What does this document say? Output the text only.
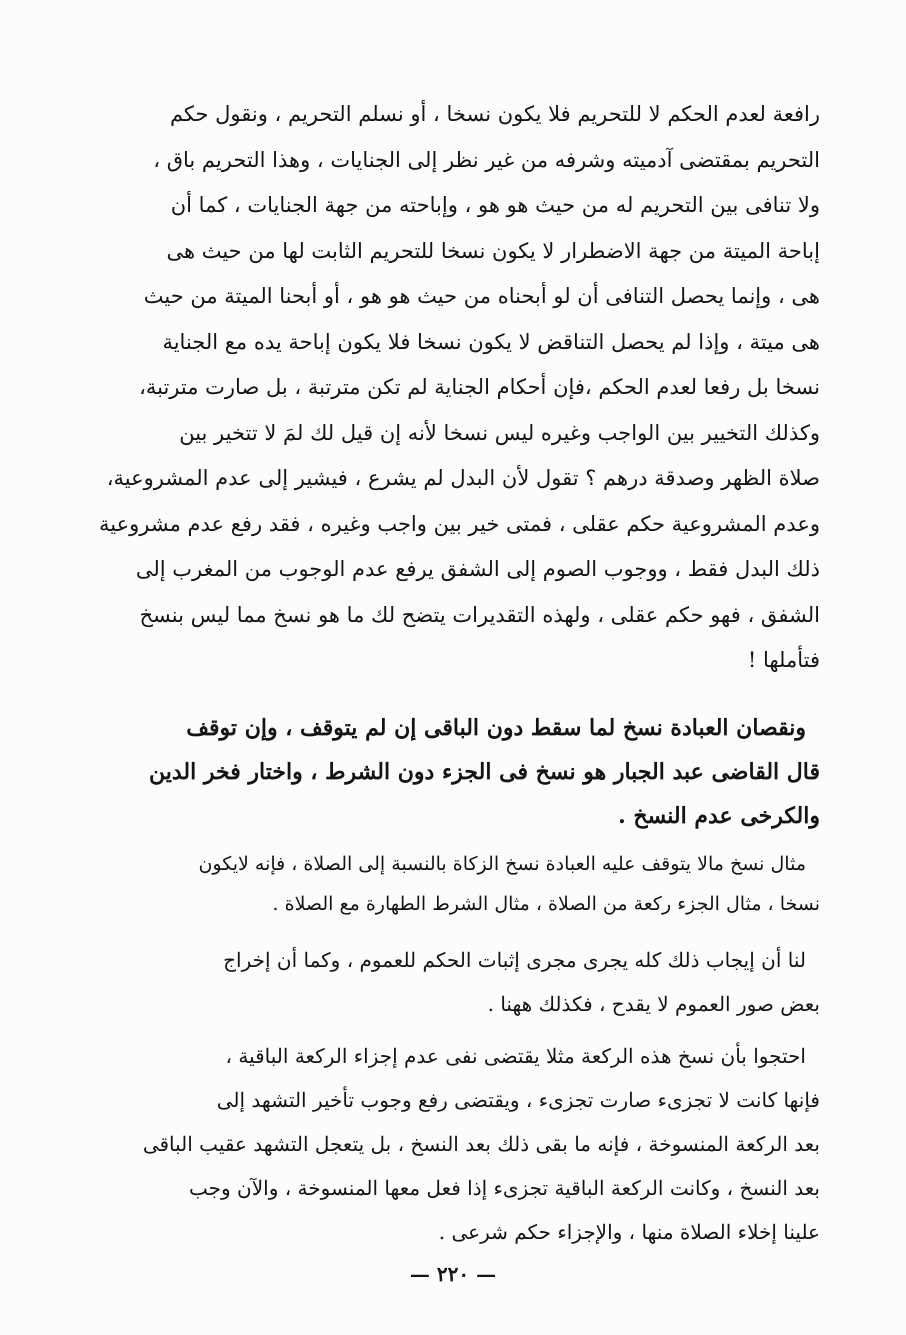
رافعة لعدم الحكم لا للتحريم فلا يكون نسخا ، أو نسلم التحريم ، ونقول حكم

التحريم بمقتضى آدميته وشرفه من غير نظر إلى الجنايات ، وهذا التحريم باق ،

ولا تنافى بين التحريم له من حيث هو هو ، وإباحته من جهة الجنايات ، كما أن

إباحة الميتة من جهة الاضطرار لا يكون نسخا للتحريم الثابت لها من حيث هى

هى ، وإنما يحصل التنافى أن لو أبحناه من حيث هو هو ، أو أبحنا الميتة من حيث

هى ميتة ، وإذا لم يحصل التناقض لا يكون نسخا فلا يكون إباحة يده مع الجناية

نسخا بل رفعا لعدم الحكم ،فإن أحكام الجناية لم تكن مترتبة ، بل صارت مترتبة،

وكذلك التخيير بين الواجب وغيره ليس نسخا لأنه إن قيل لك لمَ لا تتخير بين

صلاة الظهر وصدقة درهم ؟ تقول لأن البدل لم يشرع ، فيشير إلى عدم المشروعية،

وعدم المشروعية حكم عقلى ، فمتى خير بين واجب وغيره ، فقد رفع عدم مشروعية

ذلك البدل فقط ، ووجوب الصوم إلى الشفق يرفع عدم الوجوب من المغرب إلى

الشفق ، فهو حكم عقلى ، ولهذه التقديرات يتضح لك ما هو نسخ مما ليس بنسخ

فتأملها !

ونقصان العبادة نسخ لما سقط دون الباقى إن لم يتوقف ، وإن توقف

قال القاضى عبد الجبار هو نسخ فى الجزء دون الشرط ، واختار فخر الدين

والكرخى عدم النسخ .

مثال نسخ مالا يتوقف عليه العبادة نسخ الزكاة بالنسبة إلى الصلاة ، فإنه لايكون

نسخا ، مثال الجزء ركعة من الصلاة ، مثال الشرط الطهارة مع الصلاة .

لنا أن إيجاب ذلك كله يجرى مجرى إثبات الحكم للعموم ، وكما أن إخراج

بعض صور العموم لا يقدح ، فكذلك ههنا .

احتجوا بأن نسخ هذه الركعة مثلا يقتضى نفى عدم إجزاء الركعة الباقية ،

فإنها كانت لا تجزىء صارت تجزىء ، ويقتضى رفع وجوب تأخير التشهد إلى

بعد الركعة المنسوخة ، فإنه ما بقى ذلك بعد النسخ ، بل يتعجل التشهد عقيب الباقى

بعد النسخ ، وكانت الركعة الباقية تجزىء إذا فعل معها المنسوخة ، والآن وجب

علينا إخلاء الصلاة منها ، والإجزاء حكم شرعى .

— ٢٢٠ —
